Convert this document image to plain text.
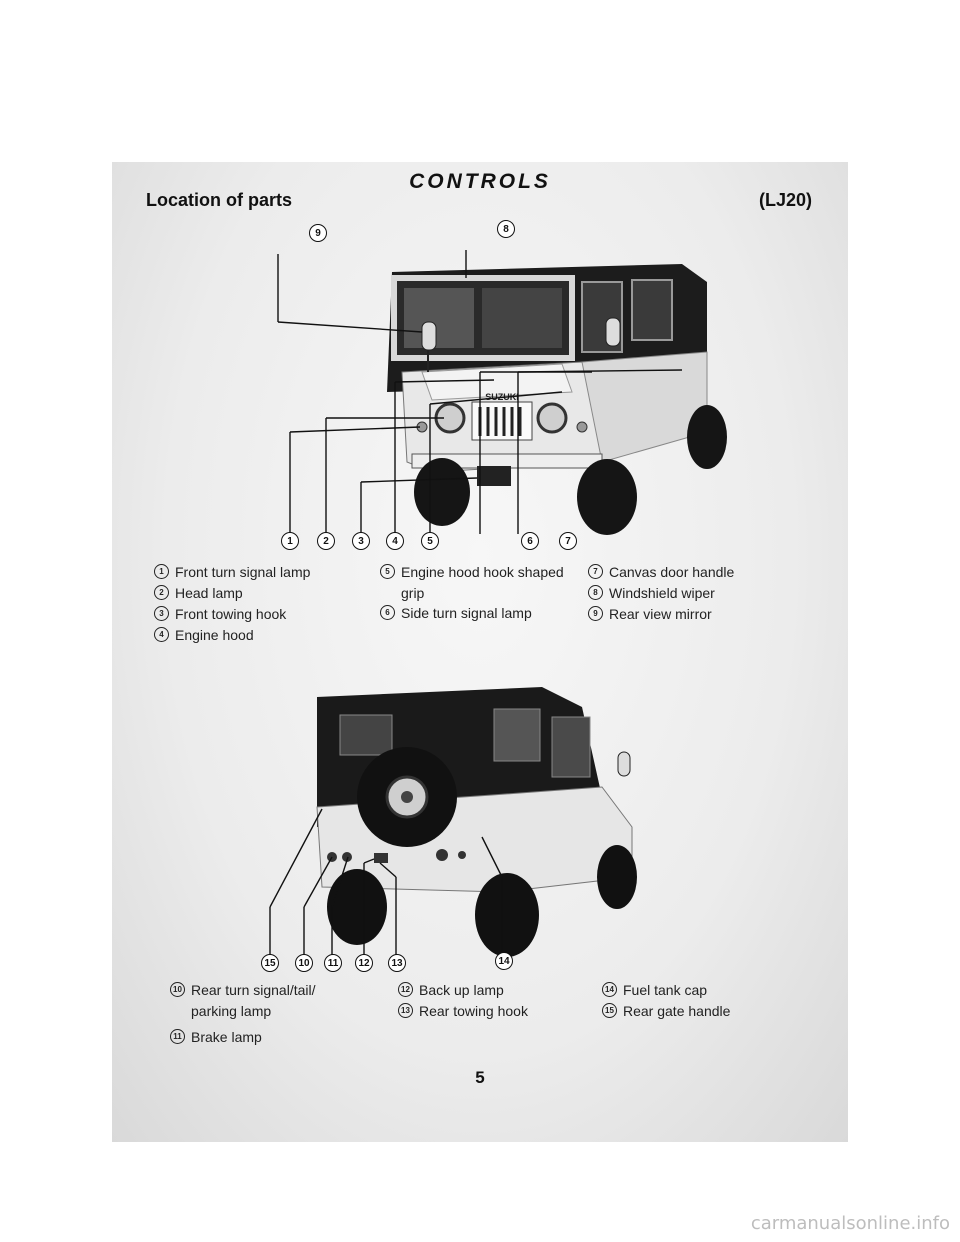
CONTROLS
Location of parts	(LJ20)
SUZUKI
9	8
1	2	3	4	5	6	7
1 Front turn signal lamp
2 Head lamp
3 Front towing hook
4 Engine hood
5 Engine hood hook shaped
grip
6 Side turn signal lamp
7 Canvas door handle
8 Windshield wiper
9 Rear view mirror
15	10	11	12	13	14
10 Rear turn signal/tail/
parking lamp
11 Brake lamp
12 Back up lamp
13 Rear towing hook
14 Fuel tank cap
15 Rear gate handle
5
carmanualsonline.info
